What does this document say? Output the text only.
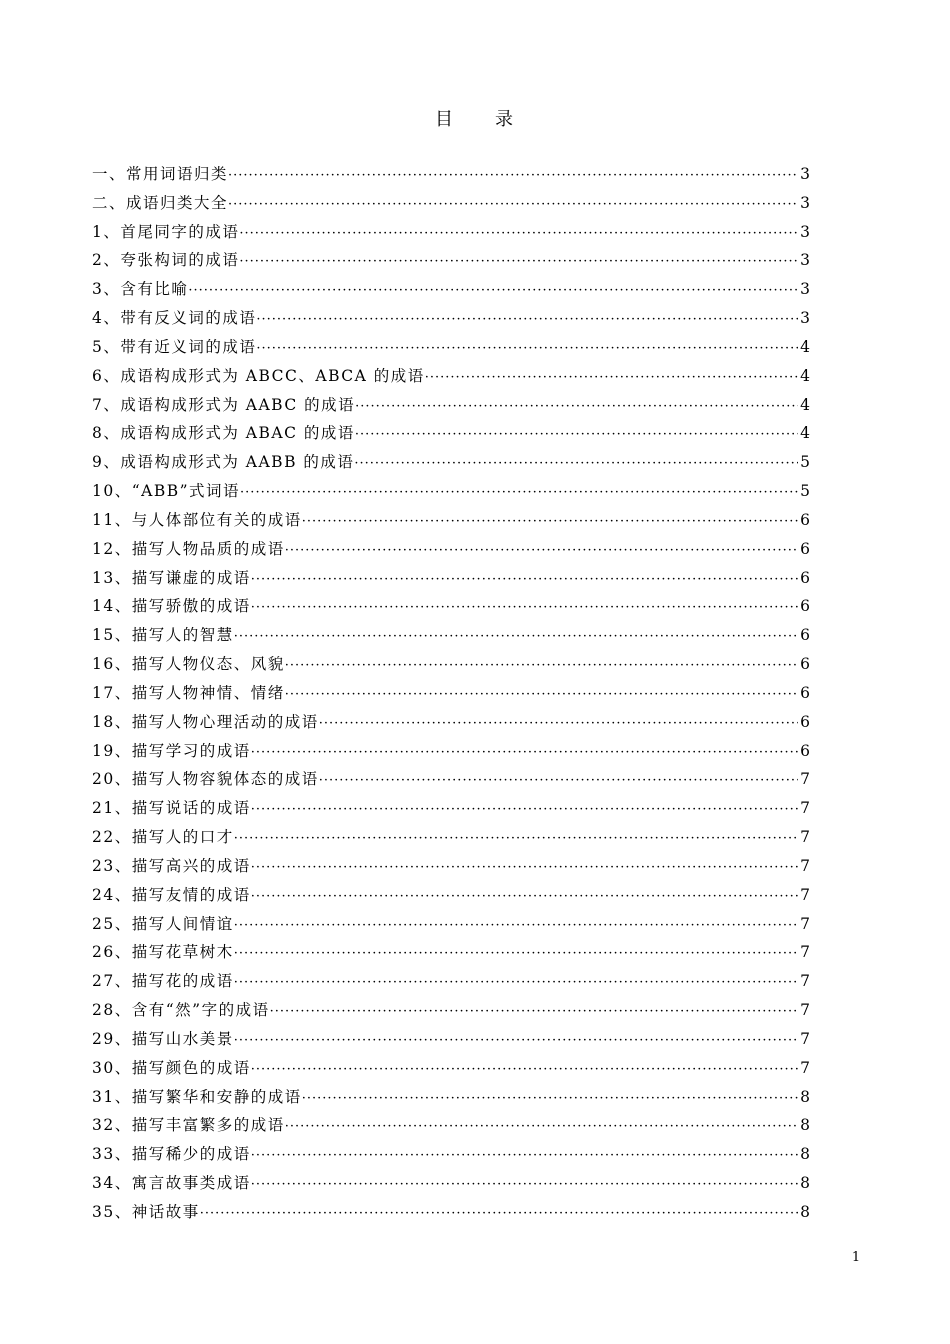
目 录
一、常用词语归类 ·····	3
二、成语归类大全 ·····	3
1、首尾同字的成语 ·····	3
2、夸张构词的成语 ·····	3
3、含有比喻 ·····	3
4、带有反义词的成语 ·····	3
5、带有近义词的成语 ·····	4
6、成语构成形式为 ABCC、ABCA 的成语 ·····	4
7、成语构成形式为 AABC 的成语 ·····	4
8、成语构成形式为 ABAC 的成语 ·····	4
9、成语构成形式为 AABB 的成语 ·····	5
10、“ABB”式词语 ·····	5
11、与人体部位有关的成语 ·····	6
12、描写人物品质的成语 ·····	6
13、描写谦虚的成语 ·····	6
14、描写骄傲的成语 ·····	6
15、描写人的智慧 ·····	6
16、描写人物仪态、风貌 ·····	6
17、描写人物神情、情绪 ·····	6
18、描写人物心理活动的成语 ·····	6
19、描写学习的成语 ·····	6
20、描写人物容貌体态的成语 ·····	7
21、描写说话的成语 ·····	7
22、描写人的口才 ·····	7
23、描写高兴的成语 ·····	7
24、描写友情的成语 ·····	7
25、描写人间情谊 ·····	7
26、描写花草树木 ·····	7
27、描写花的成语 ·····	7
28、含有“然”字的成语 ·····	7
29、描写山水美景 ·····	7
30、描写颜色的成语 ·····	7
31、描写繁华和安静的成语 ·····	8
32、描写丰富繁多的成语 ·····	8
33、描写稀少的成语 ·····	8
34、寓言故事类成语 ·····	8
35、神话故事 ·····	8
1
